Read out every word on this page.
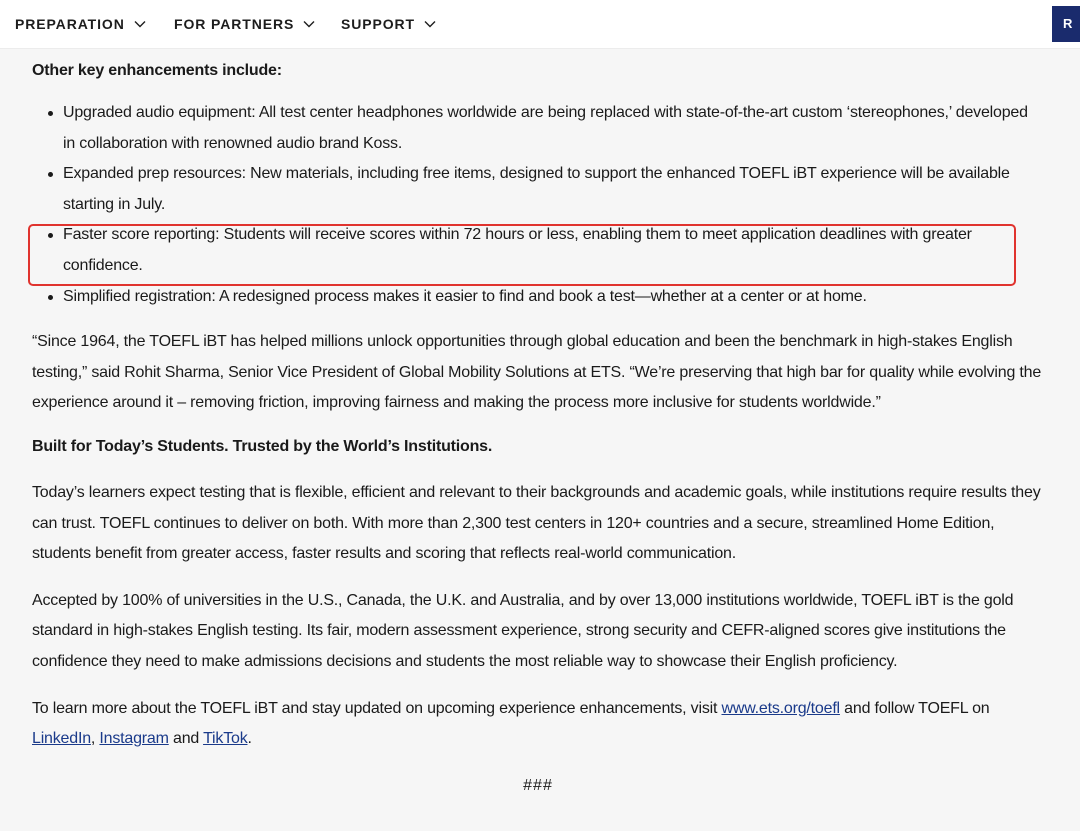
PREPARATION	FOR PARTNERS	SUPPORT	R
Other key enhancements include:
Upgraded audio equipment: All test center headphones worldwide are being replaced with state-of-the-art custom ‘stereophones,’ developed in collaboration with renowned audio brand Koss.
Expanded prep resources: New materials, including free items, designed to support the enhanced TOEFL iBT experience will be available starting in July.
Faster score reporting: Students will receive scores within 72 hours or less, enabling them to meet application deadlines with greater confidence.
Simplified registration: A redesigned process makes it easier to find and book a test—whether at a center or at home.

“Since 1964, the TOEFL iBT has helped millions unlock opportunities through global education and been the benchmark in high-stakes English testing,” said Rohit Sharma, Senior Vice President of Global Mobility Solutions at ETS. “We’re preserving that high bar for quality while evolving the experience around it – removing friction, improving fairness and making the process more inclusive for students worldwide.”

Built for Today’s Students. Trusted by the World’s Institutions.

Today’s learners expect testing that is flexible, efficient and relevant to their backgrounds and academic goals, while institutions require results they can trust. TOEFL continues to deliver on both. With more than 2,300 test centers in 120+ countries and a secure, streamlined Home Edition, students benefit from greater access, faster results and scoring that reflects real-world communication.

Accepted by 100% of universities in the U.S., Canada, the U.K. and Australia, and by over 13,000 institutions worldwide, TOEFL iBT is the gold standard in high-stakes English testing. Its fair, modern assessment experience, strong security and CEFR-aligned scores give institutions the confidence they need to make admissions decisions and students the most reliable way to showcase their English proficiency.

To learn more about the TOEFL iBT and stay updated on upcoming experience enhancements, visit www.ets.org/toefl and follow TOEFL on LinkedIn, Instagram and TikTok.

###
